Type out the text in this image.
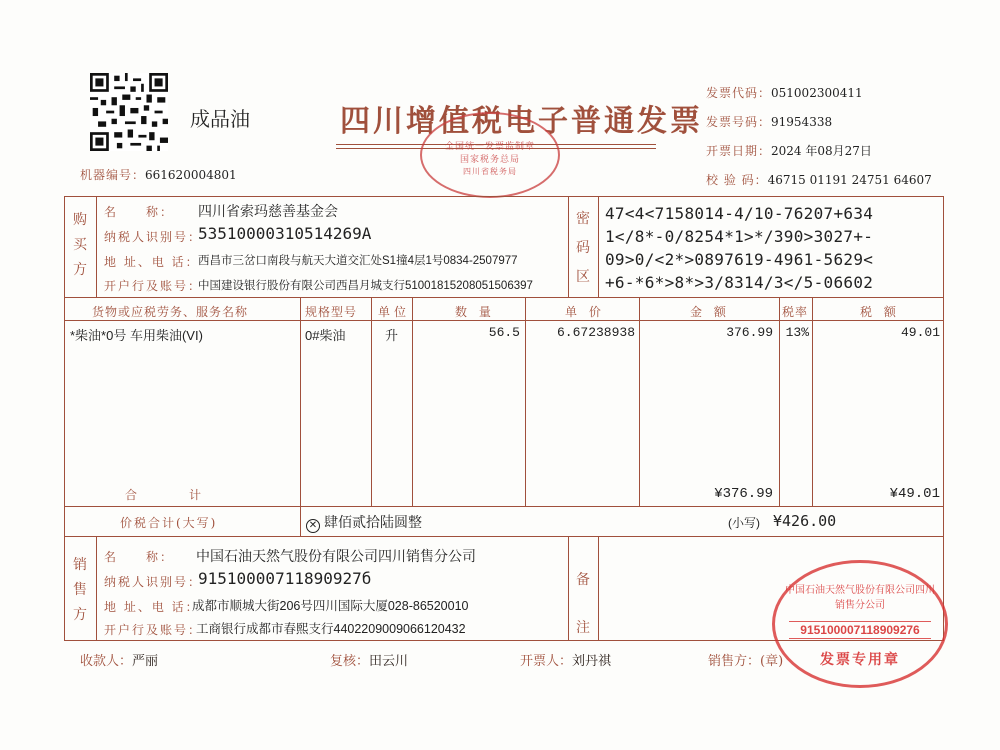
成品油	四川增值税电子普通发票
机器编号：661620004801
发票代码：051002300411
发票号码：91954338
开票日期：2024 年08月27日
校 验 码：46715 01191 24751 64607
全国统一发票监制章
国家税务总局
四川省税务局
购
买
方
名　　称： 四川省索玛慈善基金会
纳税人识别号：
53510000310514269A
地 址、电 话：
西昌市三岔口南段与航天大道交汇处S1撞4层1号0834-2507977
开户行及账号：
中国建设银行股份有限公司西昌月城支行51001815208051506397
密
码
区
47<4<7158014-4/10-76207+634
1</8*-0/8254*1>*/390>3027+-
09>0/<2*>0897619-4961-5629<
+6-*6*>8*>3/8314/3</5-06602
货物或应税劳务、服务名称	规格型号 单位	数 量	单 价	金 额	税率	税 额
*柴油*0号 车用柴油(VI)	0#柴油	升	56.5	6.67238938	376.99 13%	49.01
合　　　计	¥376.99	¥49.01
价税合计(大写)	✕ 肆佰贰拾陆圆整	(小写) ¥426.00
销
售
方
名　　称： 中国石油天然气股份有限公司四川销售分公司
纳税人识别号：
91510000711890927б
地 址、电 话：
成都市顺城大街206号四川国际大厦028-86520010
开户行及账号：
工商银行成都市春熙支行4402209009066120432
备
注
收款人：严丽	复核：田云川	开票人：刘丹祺	销售方：(章)
中国石油天然气股份有限公司四川销售分公司
915100007118909276
发票专用章
